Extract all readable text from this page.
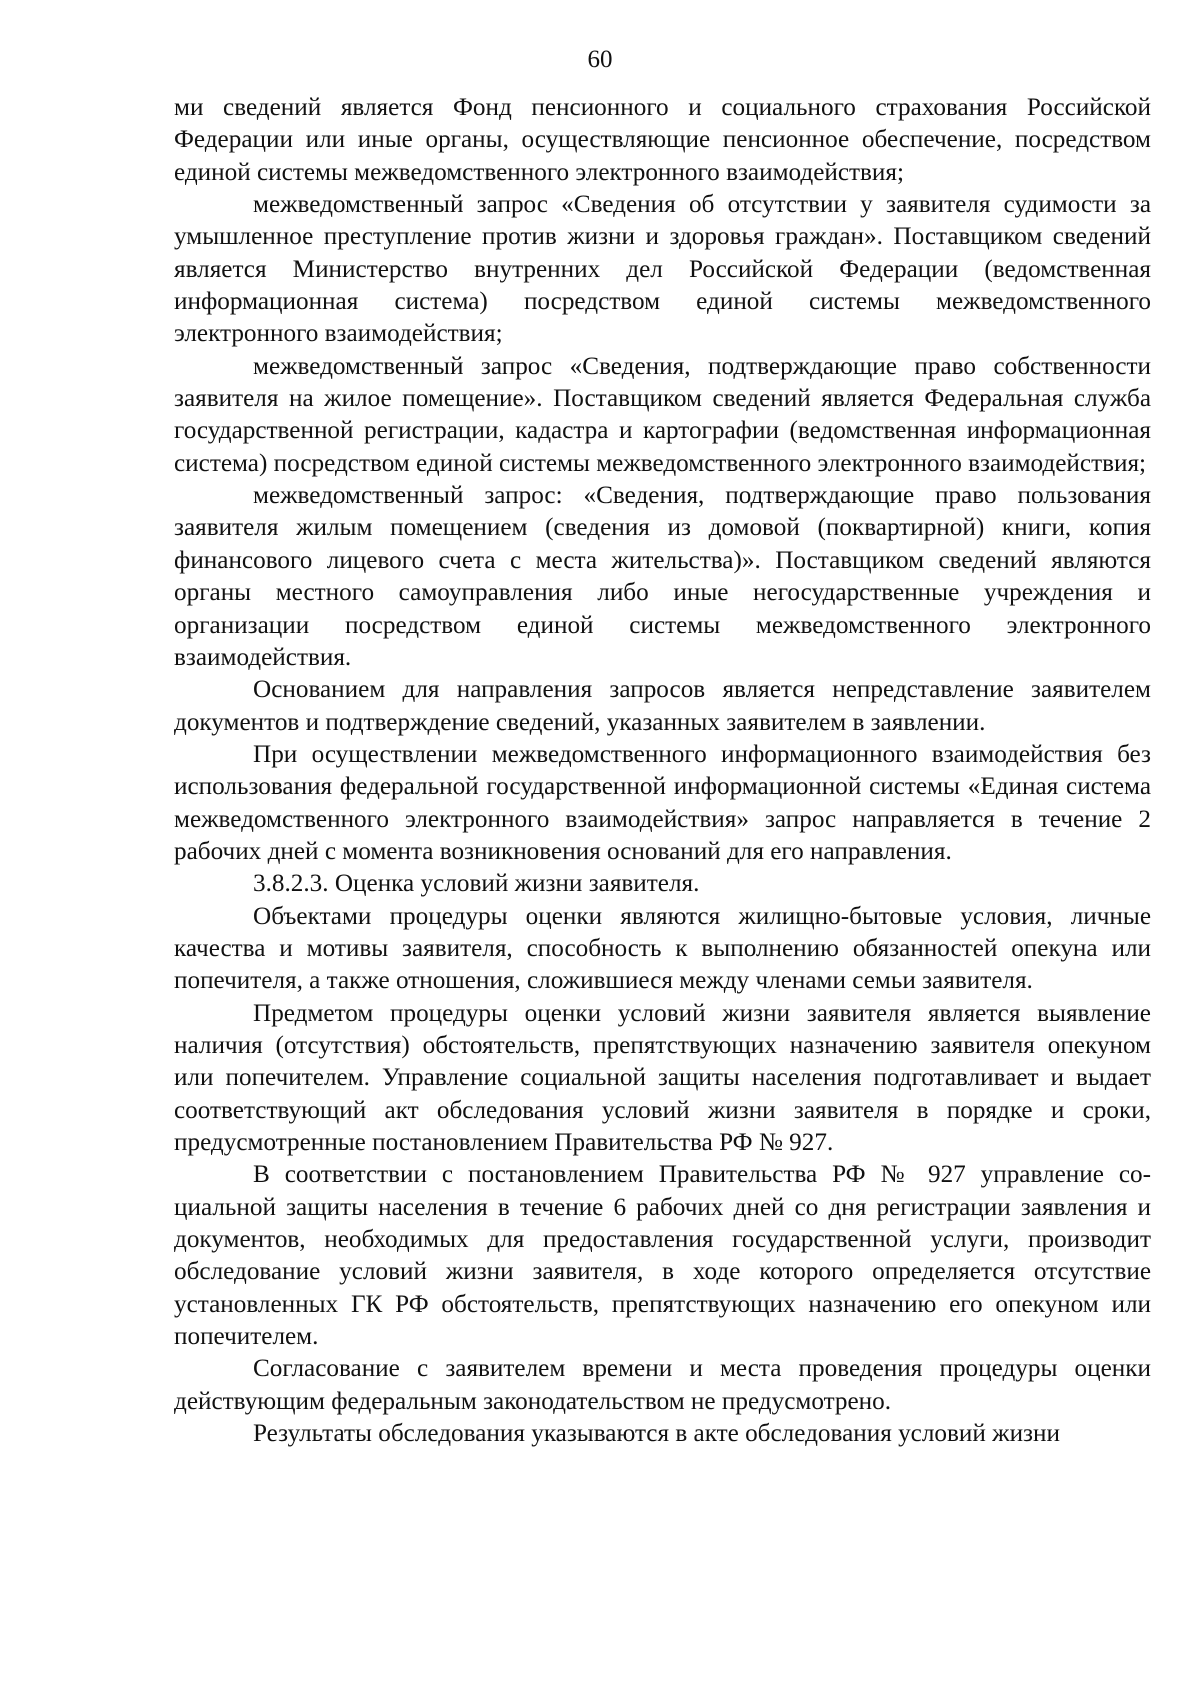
60

ми сведений является Фонд пенсионного и социального страхования Российской Федерации или иные органы, осуществляющие пенсионное обеспечение, посредством единой системы межведомственного электронного взаимодействия;

межведомственный запрос «Сведения об отсутствии у заявителя судимости за умышленное преступление против жизни и здоровья граждан». Поставщиком сведений является Министерство внутренних дел Российской Федерации (ведомственная информационная система) посредством единой системы межведомственного электронного взаимодействия;

межведомственный запрос «Сведения, подтверждающие право собственности заявителя на жилое помещение». Поставщиком сведений является Федеральная служба государственной регистрации, кадастра и картографии (ведомственная информационная система) посредством единой системы межведомственного электронного взаимодействия;

межведомственный запрос: «Сведения, подтверждающие право пользования заявителя жилым помещением (сведения из домовой (поквартирной) книги, копия финансового лицевого счета с места жительства)». Поставщиком сведений являются органы местного самоуправления либо иные негосударственные учреждения и организации посредством единой системы межведомственного электронного взаимодействия.

Основанием для направления запросов является непредставление заявителем документов и подтверждение сведений, указанных заявителем в заявлении.

При осуществлении межведомственного информационного взаимодействия без использования федеральной государственной информационной системы «Единая система межведомственного электронного взаимодействия» запрос направляется в течение 2 рабочих дней с момента возникновения оснований для его направления.

3.8.2.3. Оценка условий жизни заявителя.

Объектами процедуры оценки являются жилищно-бытовые условия, личные качества и мотивы заявителя, способность к выполнению обязанностей опекуна или попечителя, а также отношения, сложившиеся между членами семьи заявителя.

Предметом процедуры оценки условий жизни заявителя является выявление наличия (отсутствия) обстоятельств, препятствующих назначению заявителя опекуном или попечителем. Управление социальной защиты населения подготавливает и выдает соответствующий акт обследования условий жизни заявителя в порядке и сроки, предусмотренные постановлением Правительства РФ № 927.

В соответствии с постановлением Правительства РФ № 927 управление социальной защиты населения в течение 6 рабочих дней со дня регистрации заявления и документов, необходимых для предоставления государственной услуги, производит обследование условий жизни заявителя, в ходе которого определяется отсутствие установленных ГК РФ обстоятельств, препятствующих назначению его опекуном или попечителем.

Согласование с заявителем времени и места проведения процедуры оценки действующим федеральным законодательством не предусмотрено.

Результаты обследования указываются в акте обследования условий жизни
